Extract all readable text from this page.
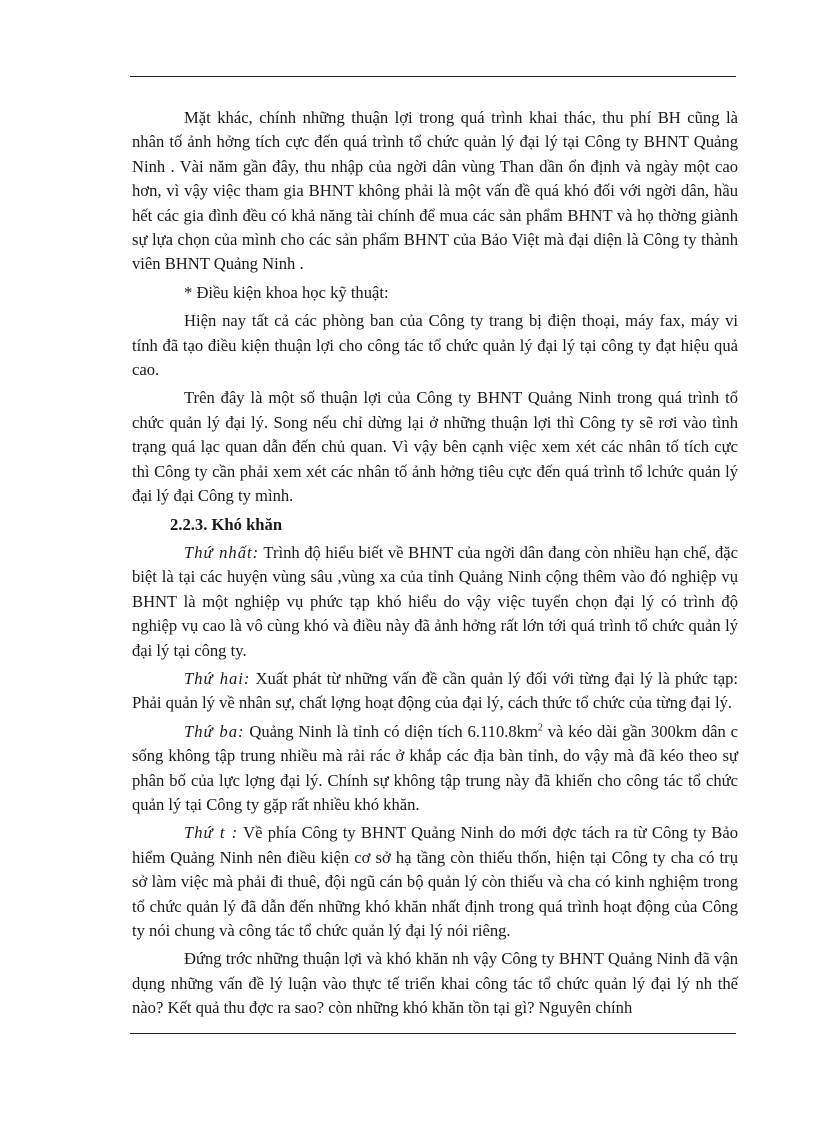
Mặt khác, chính những thuận lợi trong quá trình khai thác, thu phí BH cũng là nhân tố ảnh hởng tích cực đến quá trình tổ chức quản lý đại lý tại Công ty BHNT Quảng Ninh . Vài năm gần đây, thu nhập của ngời dân vùng Than dần ổn định và ngày một cao hơn, vì vậy việc tham gia BHNT không phải là một vấn đề quá khó đối với ngời dân, hầu hết các gia đình đều có khả năng tài chính để mua các sản phẩm BHNT và họ thờng giành sự lựa chọn của mình cho các sản phẩm BHNT của Bảo Việt mà đại diện là Công ty thành viên BHNT Quảng Ninh .

* Điều kiện khoa học kỹ thuật:

Hiện nay tất cả các phòng ban của Công ty trang bị điện thoại, máy fax, máy vi tính đã tạo điều kiện thuận lợi cho công tác tổ chức quản lý đại lý tại công ty đạt hiệu quả cao.

Trên đây là một số thuận lợi của Công ty BHNT Quảng Ninh trong quá trình tổ chức quản lý đại lý. Song nếu chỉ dừng lại ở những thuận lợi thì Công ty sẽ rơi vào tình trạng quá lạc quan dẫn đến chủ quan. Vì vậy bên cạnh việc xem xét các nhân tố tích cực thì Công ty cần phải xem xét các nhân tố ảnh hởng tiêu cực đến quá trình tổ lchức quản lý đại lý đại Công ty mình.

2.2.3. Khó khăn

Thứ nhất: Trình độ hiểu biết về BHNT của ngời dân đang còn nhiều hạn chế, đặc biệt là tại các huyện vùng sâu ,vùng xa của tỉnh Quảng Ninh cộng thêm vào đó nghiệp vụ BHNT là một nghiệp vụ phức tạp khó hiểu do vậy việc tuyển chọn đại lý có trình độ nghiệp vụ cao là vô cùng khó và điều này đã ảnh hởng rất lớn tới quá trình tổ chức quản lý đại lý tại công ty.

Thứ hai: Xuất phát từ những vấn đề cần quản lý đối với từng đại lý là phức tạp: Phải quản lý về nhân sự, chất lợng hoạt động của đại lý, cách thức tổ chức của từng đại lý.

Thứ ba: Quảng Ninh là tỉnh có diện tích $6.110.8km^2$ và kéo dài gần 300km dân c sống không tập trung nhiều mà rải rác ở khắp các địa bàn tỉnh, do vậy mà đã kéo theo sự phân bố của lực lợng đại lý. Chính sự không tập trung này đã khiến cho công tác tổ chức quản lý tại Công ty gặp rất nhiều khó khăn.

Thứ t : Về phía Công ty BHNT Quảng Ninh do mới đợc tách ra từ Công ty Bảo hiểm Quảng Ninh nên điều kiện cơ sở hạ tầng còn thiếu thốn, hiện tại Công ty cha có trụ sở làm việc mà phải đi thuê, đội ngũ cán bộ quản lý còn thiếu và cha có kinh nghiệm trong tổ chức quản lý đã dẫn đến những khó khăn nhất định trong quá trình hoạt động của Công ty nói chung và công tác tổ chức quản lý đại lý nói riêng.

Đứng trớc những thuận lợi và khó khăn nh vậy Công ty BHNT Quảng Ninh đã vận dụng những vấn đề lý luận vào thực tế triển khai công tác tổ chức quản lý đại lý nh thế nào? Kết quả thu đợc ra sao? còn những khó khăn tồn tại gì? Nguyên chính
